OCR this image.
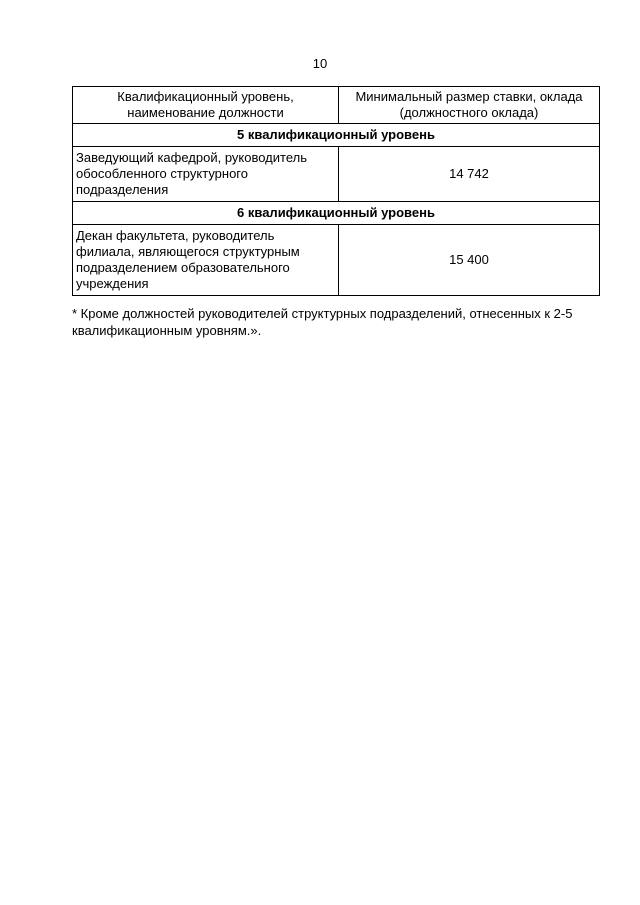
10
Квалификационный уровень, наименование должности	Минимальный размер ставки, оклада (должностного оклада)
5 квалификационный уровень	
Заведующий кафедрой, руководитель обособленного структурного подразделения	14 742
6 квалификационный уровень	
Декан факультета, руководитель филиала, являющегося структурным подразделением образовательного учреждения	15 400
* Кроме должностей руководителей структурных подразделений, отнесенных к 2-5 квалификационным уровням.».
